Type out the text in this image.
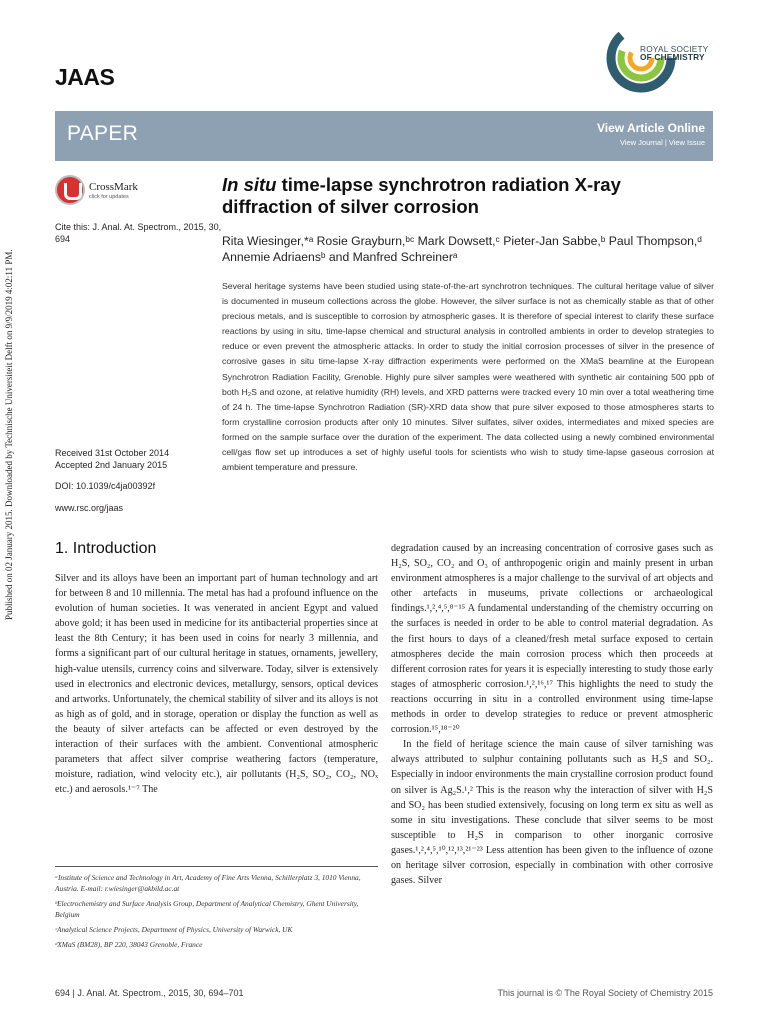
Published on 02 January 2015. Downloaded by Technische Universiteit Delft on 9/9/2019 4:02:11 PM.
ROYAL SOCIETY
OF CHEMISTRY
JAAS
PAPER	View Article Online
View Journal | View Issue
CrossMark
click for updates
Cite this: J. Anal. At. Spectrom., 2015, 30, 694
Received 31st October 2014
Accepted 2nd January 2015
DOI: 10.1039/c4ja00392f
www.rsc.org/jaas
In situ time-lapse synchrotron radiation X-ray diffraction of silver corrosion
Rita Wiesinger,*ᵃ Rosie Grayburn,ᵇᶜ Mark Dowsett,ᶜ Pieter-Jan Sabbe,ᵇ Paul Thompson,ᵈ Annemie Adriaensᵇ and Manfred Schreinerᵃ
Several heritage systems have been studied using state-of-the-art synchrotron techniques. The cultural heritage value of silver is documented in museum collections across the globe. However, the silver surface is not as chemically stable as that of other precious metals, and is susceptible to corrosion by atmospheric gases. It is therefore of special interest to clarify these surface reactions by using in situ, time-lapse chemical and structural analysis in controlled ambients in order to develop strategies to reduce or even prevent the atmospheric attacks. In order to study the initial corrosion processes of silver in the presence of corrosive gases in situ time-lapse X-ray diffraction experiments were performed on the XMaS beamline at the European Synchrotron Radiation Facility, Grenoble. Highly pure silver samples were weathered with synthetic air containing 500 ppb of both H₂S and ozone, at relative humidity (RH) levels, and XRD patterns were tracked every 10 min over a total weathering time of 24 h. The time-lapse Synchrotron Radiation (SR)-XRD data show that pure silver exposed to those atmospheres starts to form crystalline corrosion products after only 10 minutes. Silver sulfates, silver oxides, intermediates and mixed species are formed on the sample surface over the duration of the experiment. The data collected using a newly combined environmental cell/gas flow set up introduces a set of highly useful tools for scientists who wish to study time-lapse gaseous corrosion at ambient temperature and pressure.
1. Introduction

Silver and its alloys have been an important part of human technology and art for between 8 and 10 millennia. The metal has had a profound influence on the evolution of human societies. It was venerated in ancient Egypt and valued above gold; it has been used in medicine for its antibacterial properties since at least the 8th Century; it has been used in coins for nearly 3 millennia, and forms a significant part of our cultural heritage in statues, ornaments, jewellery, high-value utensils, currency coins and silverware. Today, silver is extensively used in electronics and electronic devices, metallurgy, sensors, optical devices and artworks. Unfortunately, the chemical stability of silver and its alloys is not as high as of gold, and in storage, operation or display the function as well as the beauty of silver artefacts can be affected or even destroyed by the interaction of their surfaces with the ambient. Conventional atmospheric parameters that affect silver comprise weathering factors (temperature, moisture, radiation, wind velocity etc.), air pollutants (H₂S, SO₂, CO₂, NOₓ etc.) and aerosols.¹⁻⁷ The

degradation caused by an increasing concentration of corrosive gases such as H₂S, SO₂, CO₂ and O₃ of anthropogenic origin and mainly present in urban environment atmospheres is a major challenge to the survival of art objects and other artefacts in museums, private collections or archaeological findings.¹,²,⁴,⁵,⁸⁻¹⁵ A fundamental understanding of the chemistry occurring on the surfaces is needed in order to be able to control material degradation. As the first hours to days of a cleaned/fresh metal surface exposed to certain atmospheres decide the main corrosion process which then proceeds at different corrosion rates for years it is especially interesting to study those early stages of atmospheric corrosion.¹,²,¹⁶,¹⁷ This highlights the need to study the reactions occurring in situ in a controlled environment using time-lapse methods in order to develop strategies to reduce or prevent atmospheric corrosion.¹⁵,¹⁸⁻²⁰

In the field of heritage science the main cause of silver tarnishing was always attributed to sulphur containing pollutants such as H₂S and SO₂. Especially in indoor environments the main crystalline corrosion product found on silver is Ag₂S.¹,² This is the reason why the interaction of silver with H₂S and SO₂ has been studied extensively, focusing on long term ex situ as well as some in situ investigations. These conclude that silver seems to be most susceptible to H₂S in comparison to other inorganic corrosive gases.¹,²,⁴,⁵,¹⁰,¹²,¹³,²¹⁻²³ Less attention has been given to the influence of ozone on heritage silver corrosion, especially in combination with other corrosive gases. Silver

ᵃInstitute of Science and Technology in Art, Academy of Fine Arts Vienna, Schillerplatz 3, 1010 Vienna, Austria. E-mail: r.wiesinger@akbild.ac.at

ᵇElectrochemistry and Surface Analysis Group, Department of Analytical Chemistry, Ghent University, Belgium

ᶜAnalytical Science Projects, Department of Physics, University of Warwick, UK

ᵈXMaS (BM28), BP 220, 38043 Grenoble, France

694 | J. Anal. At. Spectrom., 2015, 30, 694–701	This journal is © The Royal Society of Chemistry 2015
